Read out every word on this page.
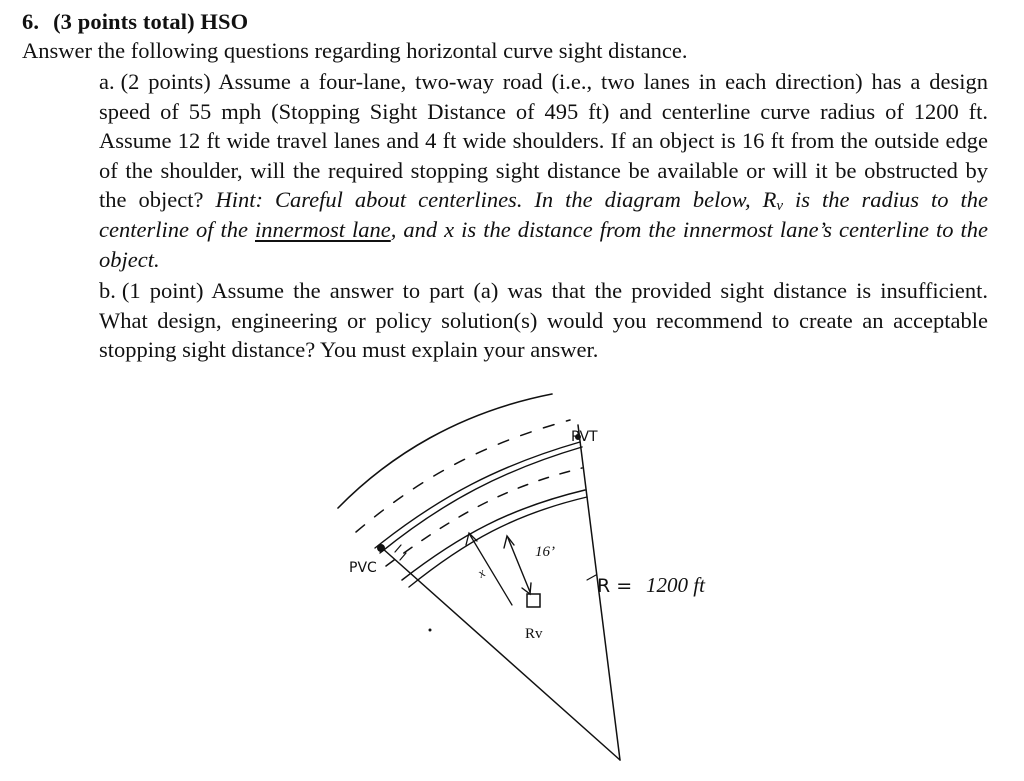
6. (3 points total) HSO
Answer the following questions regarding horizontal curve sight distance.
a. (2 points) Assume a four-lane, two-way road (i.e., two lanes in each direction) has a design speed of 55 mph (Stopping Sight Distance of 495 ft) and centerline curve radius of 1200 ft. Assume 12 ft wide travel lanes and 4 ft wide shoulders. If an object is 16 ft from the outside edge of the shoulder, will the required stopping sight distance be available or will it be obstructed by the object? Hint: Careful about centerlines. In the diagram below, $R_v$ is the radius to the centerline of the innermost lane, and x is the distance from the innermost lane’s centerline to the object.
b. (1 point) Assume the answer to part (a) was that the provided sight distance is insufficient. What design, engineering or policy solution(s) would you recommend to create an acceptable stopping sight distance? You must explain your answer.
PVC
PVT
16’
x
Rv
R = 1200 ft
